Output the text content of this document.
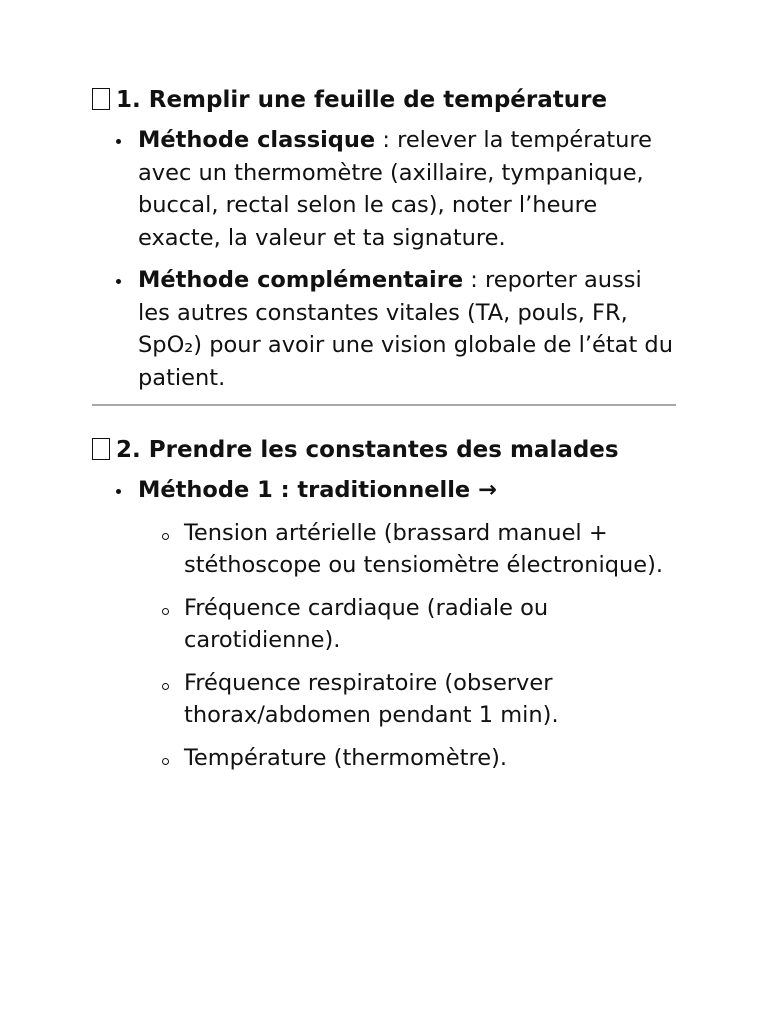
1. Remplir une feuille de température
Méthode classique : relever la température avec un thermomètre (axillaire, tympanique, buccal, rectal selon le cas), noter l’heure exacte, la valeur et ta signature.
Méthode complémentaire : reporter aussi les autres constantes vitales (TA, pouls, FR, SpO₂) pour avoir une vision globale de l’état du patient.
2. Prendre les constantes des malades
Méthode 1 : traditionnelle →
Tension artérielle (brassard manuel + stéthoscope ou tensiomètre électronique).
Fréquence cardiaque (radiale ou carotidienne).
Fréquence respiratoire (observer thorax/abdomen pendant 1 min).
Température (thermomètre).
